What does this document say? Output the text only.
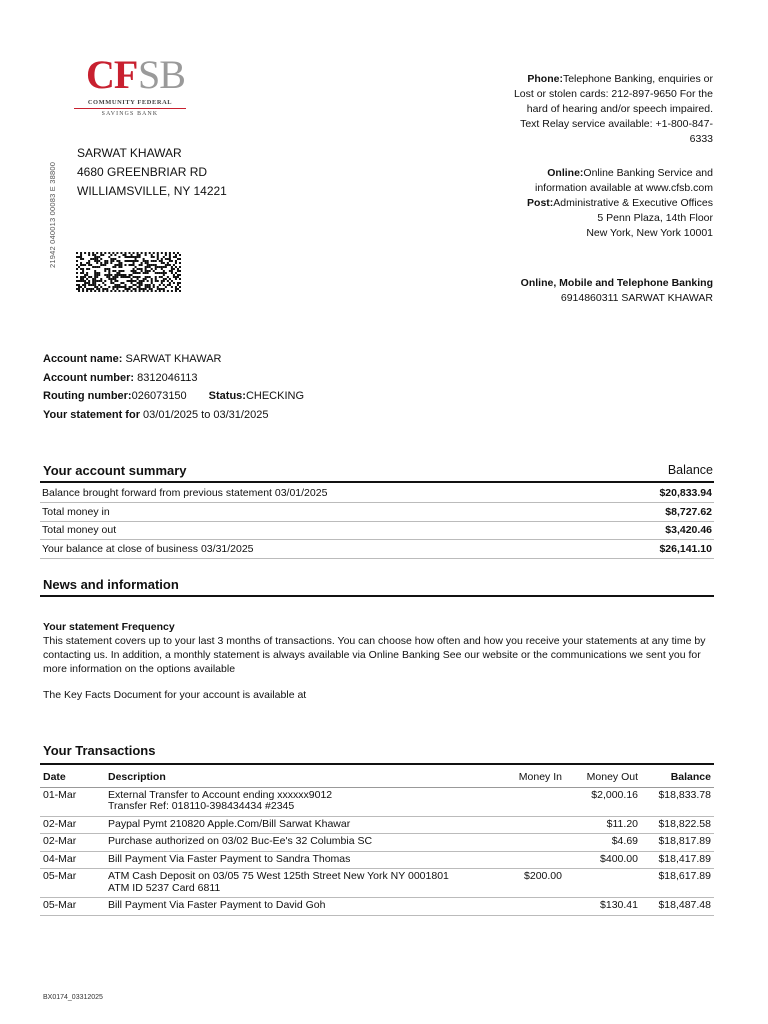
CF SB
COMMUNITY FEDERAL
SAVINGS BANK
21942 040013 00083 E 38800
SARWAT KHAWAR
4680 GREENBRIAR RD
WILLIAMSVILLE, NY 14221
Phone:Telephone Banking, enquiries or Lost or stolen cards: 212-897-9650 For the hard of hearing and/or speech impaired. Text Relay service available: +1-800-847-6333
Online:Online Banking Service and information available at www.cfsb.com
Post:Administrative & Executive Offices
5 Penn Plaza, 14th Floor
New York, New York 10001
Online, Mobile and Telephone Banking
6914860311 SARWAT KHAWAR
Account name: SARWAT KHAWAR
Account number: 8312046113
Routing number:026073150 Status:CHECKING
Your statement for 03/01/2025 to 03/31/2025
Your account summary	Balance
Balance brought forward from previous statement 03/01/2025	$20,833.94
Total money in	$8,727.62
Total money out	$3,420.46
Your balance at close of business 03/31/2025	$26,141.10
News and information
Your statement Frequency
This statement covers up to your last 3 months of transactions. You can choose how often and how you receive your statements at any time by contacting us. In addition, a monthly statement is always available via Online Banking See our website or the communications we sent you for more information on the options available
The Key Facts Document for your account is available at
Your Transactions
Date	Description	Money In	Money Out	Balance
01-Mar	External Transfer to Account ending xxxxxx9012
Transfer Ref: 018110-398434434 #2345		$2,000.16	$18,833.78
02-Mar	Paypal Pymt 210820 Apple.Com/Bill Sarwat Khawar		$11.20	$18,822.58
02-Mar	Purchase authorized on 03/02 Buc-Ee's 32 Columbia SC		$4.69	$18,817.89
04-Mar	Bill Payment Via Faster Payment to Sandra Thomas		$400.00	$18,417.89
05-Mar	ATM Cash Deposit on 03/05 75 West 125th Street New York NY 0001801
ATM ID 5237 Card 6811	$200.00		$18,617.89
05-Mar	Bill Payment Via Faster Payment to David Goh		$130.41	$18,487.48
BX0174_03312025
